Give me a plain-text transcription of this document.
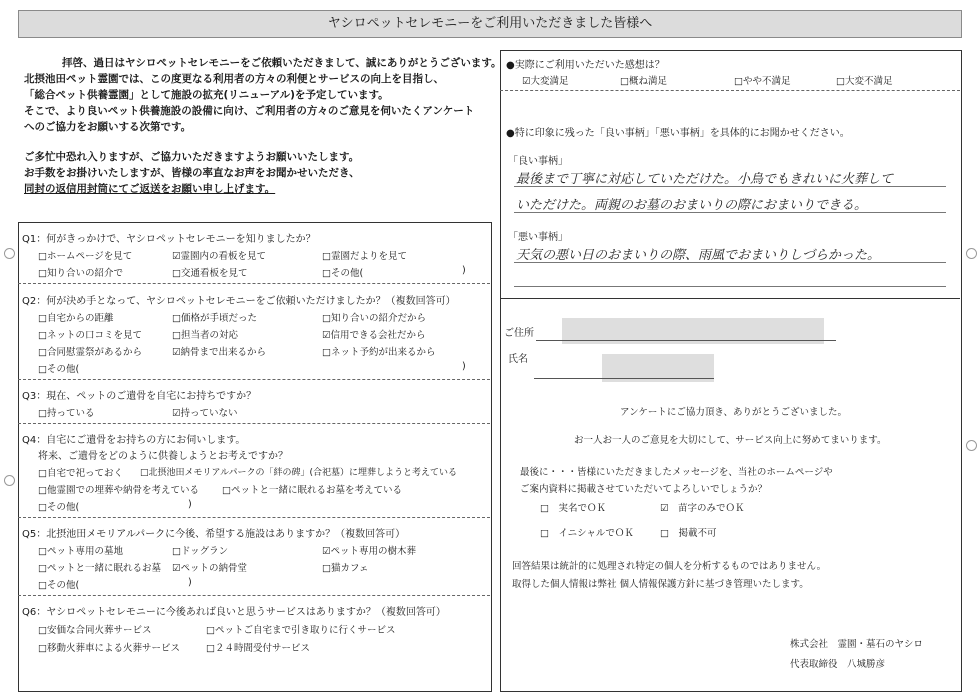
ヤシロペットセレモニーをご利用いただきました皆様へ
拝啓、過日はヤシロペットセレモニーをご依頼いただきまして、誠にありがとうございます。
北摂池田ペット霊園では、この度更なる利用者の方々の利便とサービスの向上を目指し、
「総合ペット供養霊園」として施設の拡充(リニューアル)を予定しています。
そこで、より良いペット供養施設の設備に向け、ご利用者の方々のご意見を伺いたくアンケート
へのご協力をお願いする次第です。
ご多忙中恐れ入りますが、ご協力いただきますようお願いいたします。
お手数をお掛けいたしますが、皆様の率直なお声をお聞かせいただき、
同封の返信用封筒にてご返送をお願い申し上げます。
Q1：何がきっかけで、ヤシロペットセレモニーを知りましたか？
□ホームページを見て	☑霊園内の看板を見て	□霊園だよりを見て
□知り合いの紹介で	□交通看板を見て	□その他(	)
Q2：何が決め手となって、ヤシロペットセレモニーをご依頼いただけましたか？（複数回答可）
□自宅からの距離	□価格が手頃だった	□知り合いの紹介だから
□ネットの口コミを見て	□担当者の対応	☑信用できる会社だから
□合同慰霊祭があるから	☑納骨まで出来るから	□ネット予約が出来るから
□その他(	)
Q3：現在、ペットのご遺骨を自宅にお持ちですか？
□持っている	☑持っていない
Q4：自宅にご遺骨をお持ちの方にお伺いします。
将来、ご遺骨をどのように供養しようとお考えですか？
□自宅で祀っておく □北摂池田メモリアルパークの「絆の碑」(合祀墓）に埋葬しようと考えている
□他霊園での埋葬や納骨を考えている □ペットと一緒に眠れるお墓を考えている
□その他(	)
Q5：北摂池田メモリアルパークに今後、希望する施設はありますか？（複数回答可）
□ペット専用の墓地	□ドッグラン	☑ペット専用の樹木葬
□ペットと一緒に眠れるお墓 ☑ペットの納骨堂	□猫カフェ
□その他(	)
Q6：ヤシロペットセレモニーに今後あれば良いと思うサービスはありますか？（複数回答可）
□安価な合同火葬サービス	□ペットご自宅まで引き取りに行くサービス
□移動火葬車による火葬サービス	□２４時間受付サービス
●実際にご利用いただいた感想は？
☑大変満足	□概ね満足	□やや不満足	□大変不満足
●特に印象に残った「良い事柄」「悪い事柄」を具体的にお聞かせください。
「良い事柄」
最後まで丁寧に対応していただけた。小鳥でもきれいに火葬して
いただけた。両親のお墓のおまいりの際におまいりできる。
「悪い事柄」
天気の悪い日のおまいりの際、雨風でおまいりしづらかった。
ご住所
氏名
アンケートにご協力頂き、ありがとうございました。
お一人お一人のご意見を大切にして、サービス向上に努めてまいります。
最後に・・・皆様にいただきましたメッセージを、当社のホームページや
ご案内資料に掲載させていただいてよろしいでしょうか？
□　実名でＯＫ	☑　苗字のみでＯＫ
□　イニシャルでＯＫ	□　掲載不可
回答結果は統計的に処理され特定の個人を分析するものではありません。
取得した個人情報は弊社 個人情報保護方針に基づき管理いたします。
株式会社　霊園・墓石のヤシロ
代表取締役　八城勝彦
